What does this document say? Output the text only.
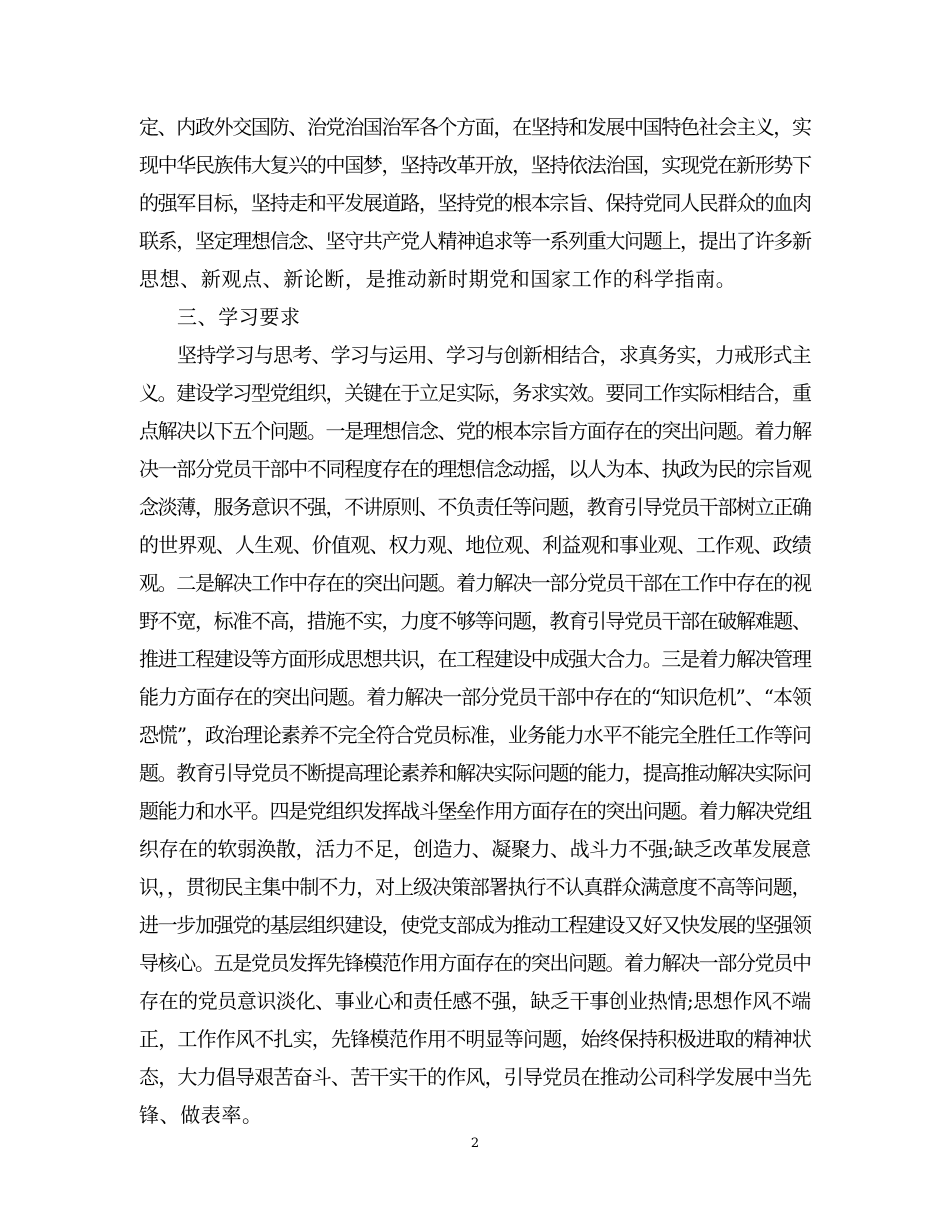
定、内政外交国防、治党治国治军各个方面，在坚持和发展中国特色社会主义，实
现中华民族伟大复兴的中国梦，坚持改革开放，坚持依法治国，实现党在新形势下
的强军目标，坚持走和平发展道路，坚持党的根本宗旨、保持党同人民群众的血肉
联系，坚定理想信念、坚守共产党人精神追求等一系列重大问题上，提出了许多新
思想、新观点、新论断，是推动新时期党和国家工作的科学指南。
三、学习要求
坚持学习与思考、学习与运用、学习与创新相结合，求真务实，力戒形式主
义。建设学习型党组织，关键在于立足实际，务求实效。要同工作实际相结合，重
点解决以下五个问题。一是理想信念、党的根本宗旨方面存在的突出问题。着力解
决一部分党员干部中不同程度存在的理想信念动摇，以人为本、执政为民的宗旨观
念淡薄，服务意识不强，不讲原则、不负责任等问题，教育引导党员干部树立正确
的世界观、人生观、价值观、权力观、地位观、利益观和事业观、工作观、政绩
观。二是解决工作中存在的突出问题。着力解决一部分党员干部在工作中存在的视
野不宽，标准不高，措施不实，力度不够等问题，教育引导党员干部在破解难题、
推进工程建设等方面形成思想共识，在工程建设中成强大合力。三是着力解决管理
能力方面存在的突出问题。着力解决一部分党员干部中存在的“知识危机”、“本领
恐慌”，政治理论素养不完全符合党员标准，业务能力水平不能完全胜任工作等问
题。教育引导党员不断提高理论素养和解决实际问题的能力，提高推动解决实际问
题能力和水平。四是党组织发挥战斗堡垒作用方面存在的突出问题。着力解决党组
织存在的软弱涣散，活力不足，创造力、凝聚力、战斗力不强;缺乏改革发展意
识，，贯彻民主集中制不力，对上级决策部署执行不认真群众满意度不高等问题，
进一步加强党的基层组织建设，使党支部成为推动工程建设又好又快发展的坚强领
导核心。五是党员发挥先锋模范作用方面存在的突出问题。着力解决一部分党员中
存在的党员意识淡化、事业心和责任感不强，缺乏干事创业热情;思想作风不端
正，工作作风不扎实，先锋模范作用不明显等问题，始终保持积极进取的精神状
态，大力倡导艰苦奋斗、苦干实干的作风，引导党员在推动公司科学发展中当先
锋、做表率。
2
